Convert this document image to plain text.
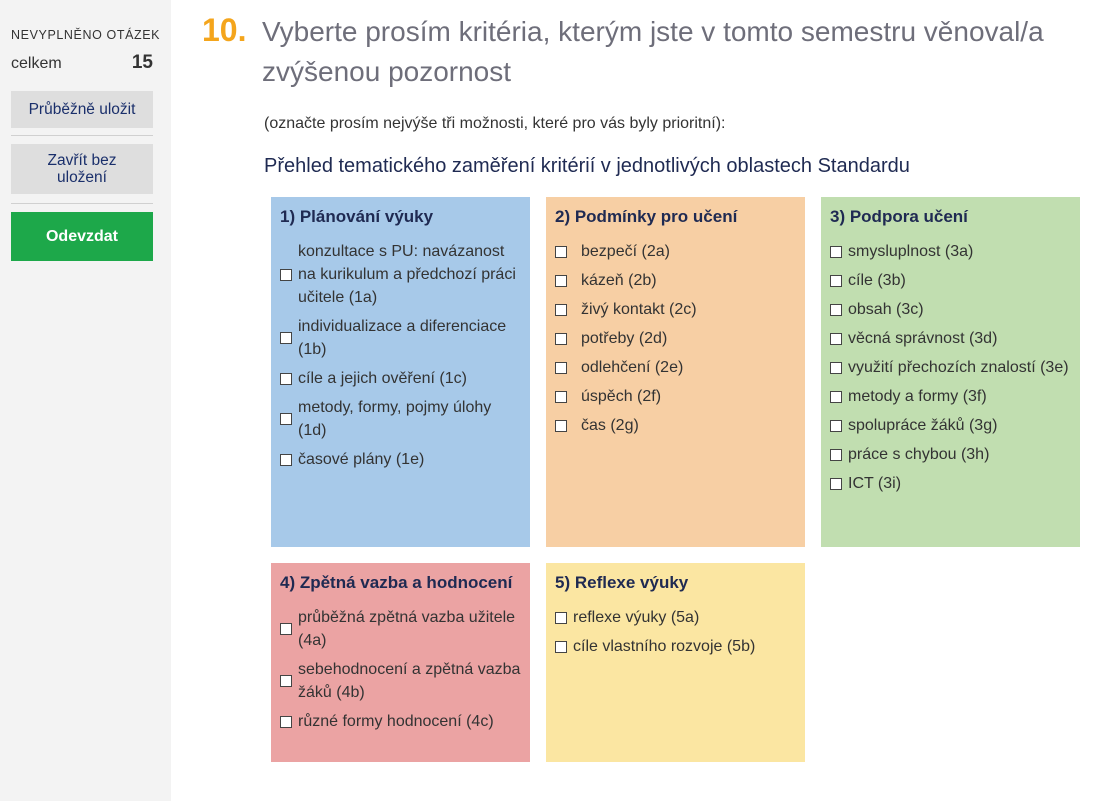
NEVYPLNĚNO OTÁZEK
celkem	15
Průběžně uložit
Zavřít bez uložení
Odevzdat
10. Vyberte prosím kritéria, kterým jste v tomto semestru věnoval/a zvýšenou pozornost
(označte prosím nejvýše tři možnosti, které pro vás byly prioritní):
Přehled tematického zaměření kritérií v jednotlivých oblastech Standardu
1) Plánování výuky
konzultace s PU: navázanost na kurikulum a předchozí práci učitele (1a)
individualizace a diferenciace (1b)
cíle a jejich ověření (1c)
metody, formy, pojmy úlohy (1d)
časové plány (1e)
2) Podmínky pro učení
bezpečí (2a)
kázeň (2b)
živý kontakt (2c)
potřeby (2d)
odlehčení (2e)
úspěch (2f)
čas (2g)
3) Podpora učení
smysluplnost (3a)
cíle (3b)
obsah (3c)
věcná správnost (3d)
využití přechozích znalostí (3e)
metody a formy (3f)
spolupráce žáků (3g)
práce s chybou (3h)
ICT (3i)
4) Zpětná vazba a hodnocení
průběžná zpětná vazba užitele (4a)
sebehodnocení a zpětná vazba žáků (4b)
různé formy hodnocení (4c)
5) Reflexe výuky
reflexe výuky (5a)
cíle vlastního rozvoje (5b)
